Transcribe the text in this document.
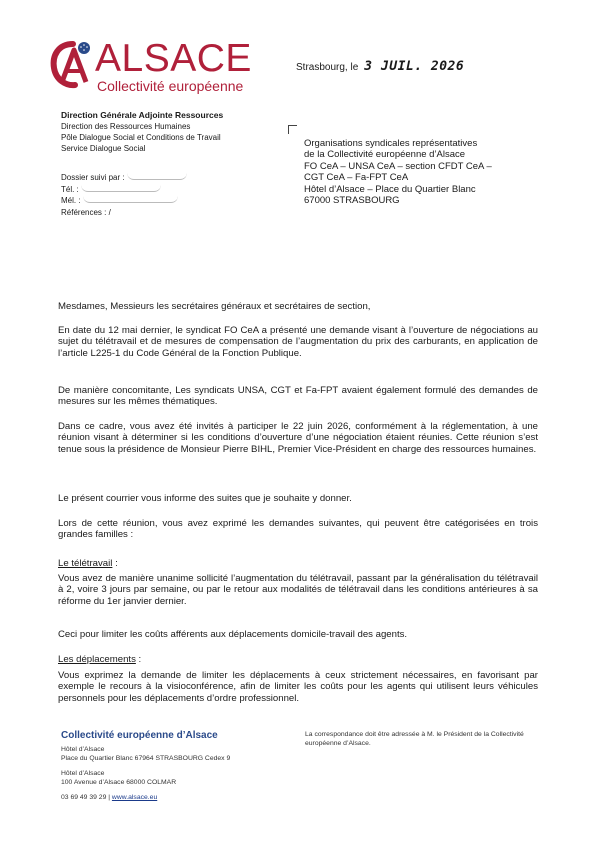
ALSACE
Collectivité européenne
Strasbourg, le 3 JUIL. 2026
Direction Générale Adjointe Ressources
Direction des Ressources Humaines
Pôle Dialogue Social et Conditions de Travail
Service Dialogue Social
Dossier suivi par :
Tél. :
Mél. :
Références : /
Organisations syndicales représentatives
de la Collectivité européenne d’Alsace
FO CeA – UNSA CeA – section CFDT CeA –
CGT CeA – Fa-FPT CeA
Hôtel d’Alsace – Place du Quartier Blanc
67000 STRASBOURG

Mesdames, Messieurs les secrétaires généraux et secrétaires de section,

En date du 12 mai dernier, le syndicat FO CeA a présenté une demande visant à l’ouverture de négociations au sujet du télétravail et de mesures de compensation de l’augmentation du prix des carburants, en application de l’article L225-1 du Code Général de la Fonction Publique.

De manière concomitante, Les syndicats UNSA, CGT et Fa-FPT avaient également formulé des demandes de mesures sur les mêmes thématiques.

Dans ce cadre, vous avez été invités à participer le 22 juin 2026, conformément à la réglementation, à une réunion visant à déterminer si les conditions d’ouverture d’une négociation étaient réunies. Cette réunion s’est tenue sous la présidence de Monsieur Pierre BIHL, Premier Vice-Président en charge des ressources humaines.

Le présent courrier vous informe des suites que je souhaite y donner.

Lors de cette réunion, vous avez exprimé les demandes suivantes, qui peuvent être catégorisées en trois grandes familles :

Le télétravail :

Vous avez de manière unanime sollicité l’augmentation du télétravail, passant par la généralisation du télétravail à 2, voire 3 jours par semaine, ou par le retour aux modalités de télétravail dans les conditions antérieures à sa réforme du 1er janvier dernier.

Ceci pour limiter les coûts afférents aux déplacements domicile-travail des agents.

Les déplacements :

Vous exprimez la demande de limiter les déplacements à ceux strictement nécessaires, en favorisant par exemple le recours à la visioconférence, afin de limiter les coûts pour les agents qui utilisent leurs véhicules personnels pour les déplacements d’ordre professionnel.

Collectivité européenne d’Alsace
Hôtel d’Alsace
Place du Quartier Blanc 67964 STRASBOURG Cedex 9
Hôtel d’Alsace
100 Avenue d’Alsace 68000 COLMAR
03 69 49 39 29 | www.alsace.eu
La correspondance doit être adressée à M. le Président de la Collectivité européenne d’Alsace.
